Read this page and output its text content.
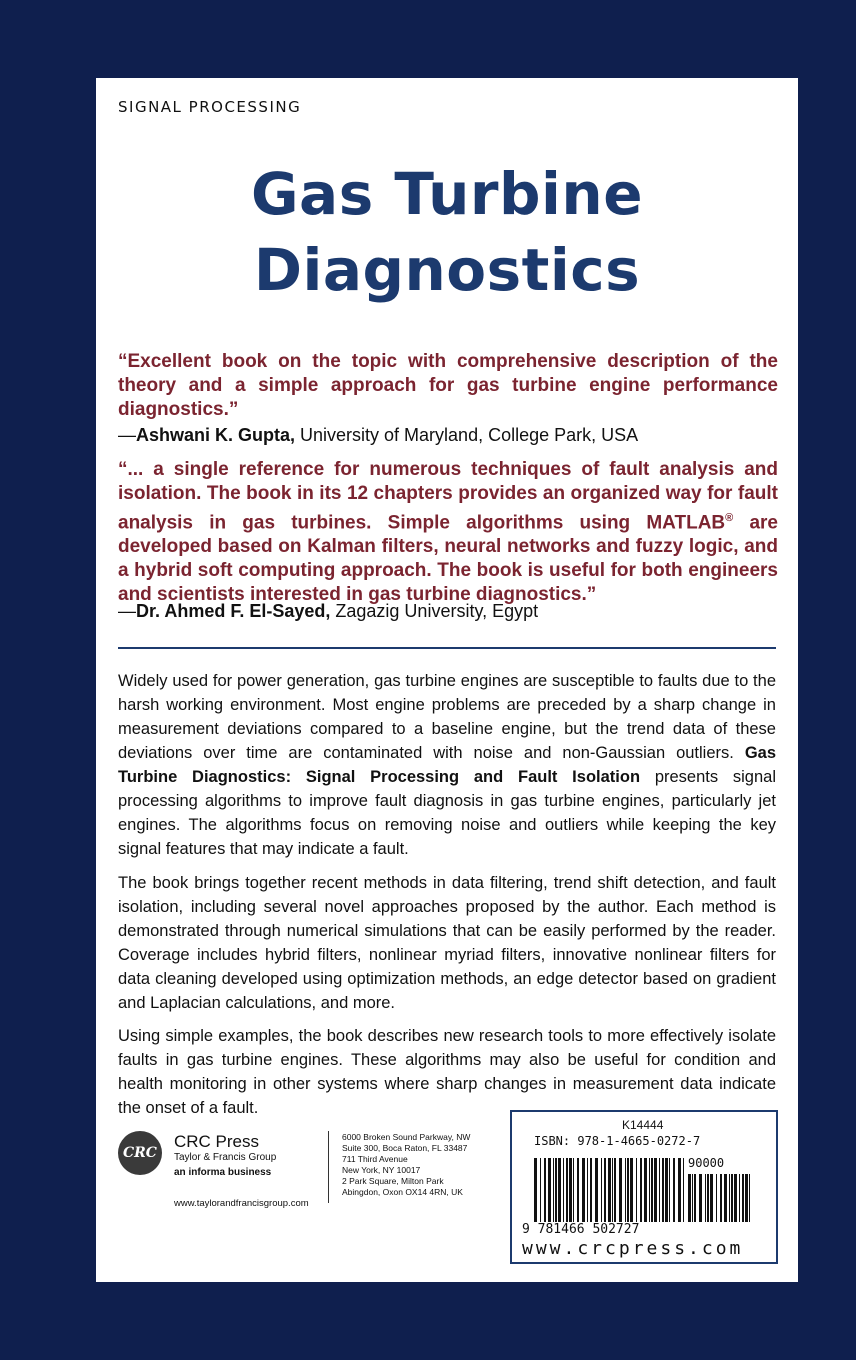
SIGNAL PROCESSING
Gas Turbine
Diagnostics
“Excellent book on the topic with comprehensive description of the theory and a simple approach for gas turbine engine performance diagnostics.”
—Ashwani K. Gupta, University of Maryland, College Park, USA
“... a single reference for numerous techniques of fault analysis and isolation. The book in its 12 chapters provides an organized way for fault analysis in gas turbines. Simple algorithms using MATLAB® are developed based on Kalman filters, neural networks and fuzzy logic, and a hybrid soft computing approach. The book is useful for both engineers and scientists interested in gas turbine diagnostics.”
—Dr. Ahmed F. El-Sayed, Zagazig University, Egypt
Widely used for power generation, gas turbine engines are susceptible to faults due to the harsh working environment. Most engine problems are preceded by a sharp change in measurement deviations compared to a baseline engine, but the trend data of these deviations over time are contaminated with noise and non-Gaussian outliers. Gas Turbine Diagnostics: Signal Processing and Fault Isolation presents signal processing algorithms to improve fault diagnosis in gas turbine engines, particularly jet engines. The algorithms focus on removing noise and outliers while keeping the key signal features that may indicate a fault.
The book brings together recent methods in data filtering, trend shift detection, and fault isolation, including several novel approaches proposed by the author. Each method is demonstrated through numerical simulations that can be easily performed by the reader. Coverage includes hybrid filters, nonlinear myriad filters, innovative nonlinear filters for data cleaning developed using optimization methods, an edge detector based on gradient and Laplacian calculations, and more.
Using simple examples, the book describes new research tools to more effectively isolate faults in gas turbine engines. These algorithms may also be useful for condition and health monitoring in other systems where sharp changes in measurement data indicate the onset of a fault.
CRC
CRC Press
Taylor & Francis Group
an informa business
www.taylorandfrancisgroup.com
6000 Broken Sound Parkway, NW
Suite 300, Boca Raton, FL 33487
711 Third Avenue
New York, NY 10017
2 Park Square, Milton Park
Abingdon, Oxon OX14 4RN, UK
K14444
ISBN: 978-1-4665-0272-7
90000
9 781466 502727
www.crcpress.com
